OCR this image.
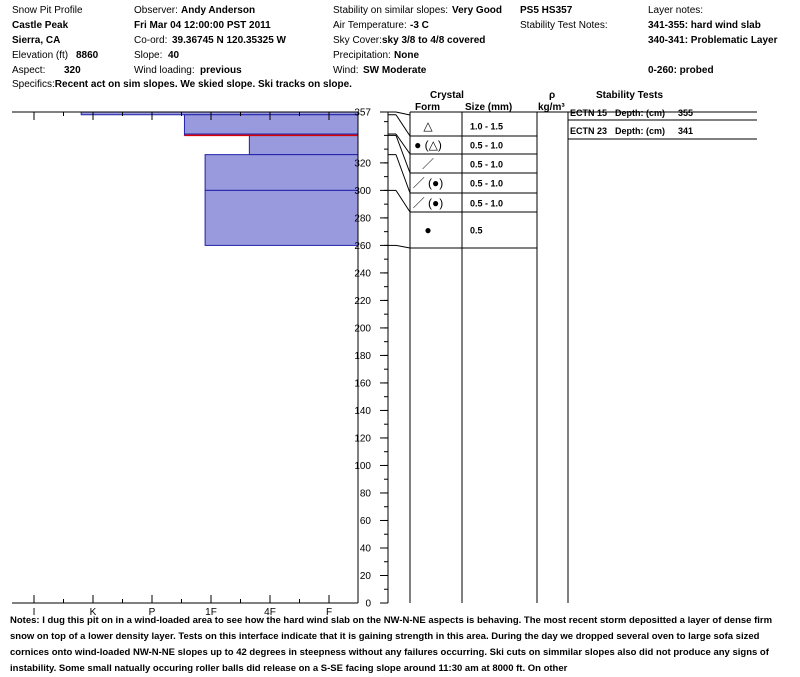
Snow Pit Profile
Castle Peak
Sierra, CA
Elevation (ft) 8860
Aspect: 320
Observer: Andy Anderson
Fri Mar 04 12:00:00 PST 2011
Co-ord: 39.36745 N 120.35325 W
Slope: 40
Wind loading: previous
Stability on similar slopes: Very Good
Air Temperature: -3 C
Sky Cover: sky 3/8 to 4/8 covered
Precipitation: None
Wind: SW Moderate
PS5 HS357
Stability Test Notes:
Layer notes:
341-355: hard wind slab
340-341: Problematic Layer
0-260: probed
Specifics:Recent act on sim slopes. We skied slope. Ski tracks on slope.
Crystal
Form	Size (mm)
ρ
kg/m³
Stability Tests
0
20
40
60
80
100
120
140
160
180
200
220
240
260
280
300
320
357
I	K	P	1F	4F	F
△	1.0 - 1.5
● (△)	0.5 - 1.0
／	0.5 - 1.0
／ (●)	0.5 - 1.0
／ (●)	0.5 - 1.0
●	0.5
ECTN 15 Depth: (cm) 355
ECTN 23 Depth: (cm) 341
Notes: I dug this pit on in a wind-loaded area to see how the hard wind slab on the NW-N-NE aspects is behaving. The most recent storm depositted a layer of dense firm snow on top of a lower density layer. Tests on this interface indicate that it is gaining strength in this area. During the day we dropped several oven to large sofa sized cornices onto wind-loaded NW-N-NE slopes up to 42 degrees in steepness without any failures occurring. Ski cuts on simmilar slopes also did not produce any signs of instability. Some small natually occuring roller balls did release on a S-SE facing slope around 11:30 am at 8000 ft. On other
